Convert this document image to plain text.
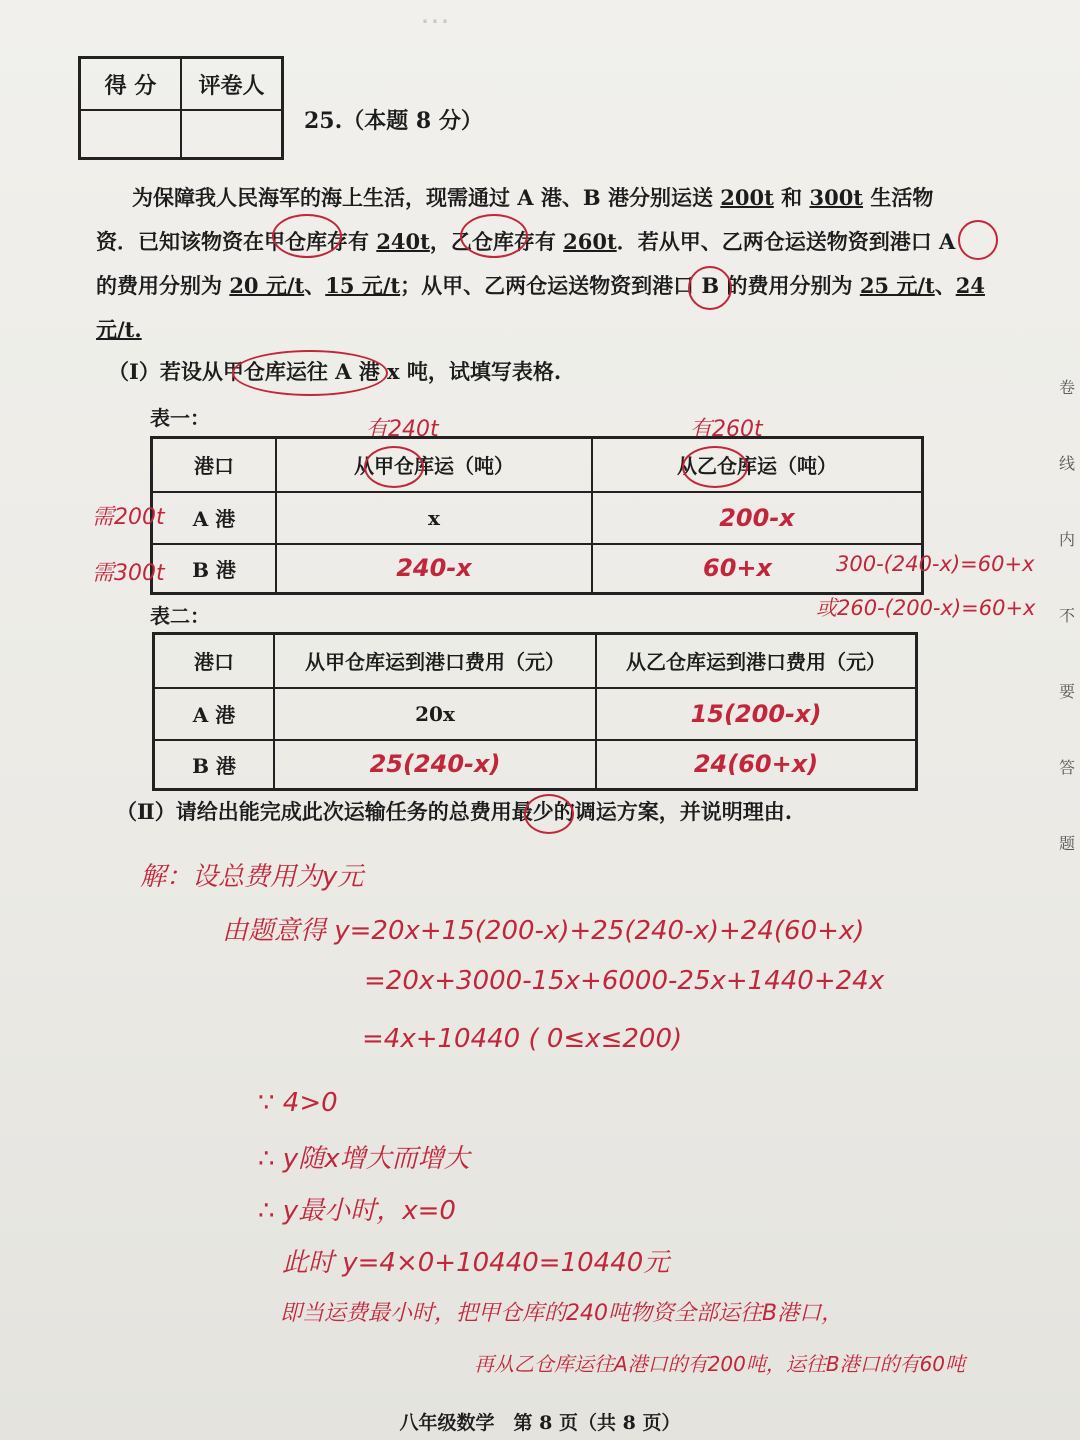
⋯
得 分	评卷人

25.（本题 8 分）
为保障我人民海军的海上生活，现需通过 A 港、B 港分别运送 200t 和 300t 生活物
资．已知该物资在甲仓库存有 240t，乙仓库存有 260t．若从甲、乙两仓运送物资到港口 A
的费用分别为 20 元/t、15 元/t；从甲、乙两仓运送物资到港口 B 的费用分别为 25 元/t、24
元/t.
（Ⅰ）若设从甲仓库运往 A 港 x 吨，试填写表格.
表一：	有240t	有260t
港口	从甲仓库运（吨）	从乙仓库运（吨）
A 港	x	200-x
B 港	240-x	60+x
需200t
需300t	300-(240-x)=60+x
或260-(200-x)=60+x
表二：
港口	从甲仓库运到港口费用（元）	从乙仓库运到港口费用（元）
A 港	20x	15(200-x)
B 港	25(240-x)	24(60+x)
（Ⅱ）请给出能完成此次运输任务的总费用最少的调运方案，并说明理由.
解：设总费用为y元
由题意得 y=20x+15(200-x)+25(240-x)+24(60+x)
=20x+3000-15x+6000-25x+1440+24x
=4x+10440 ( 0≤x≤200)
∵ 4>0
∴ y随x增大而增大
∴ y最小时，x=0
此时 y=4×0+10440=10440元
即当运费最小时，把甲仓库的240吨物资全部运往B港口，
再从乙仓库运往A港口的有200吨，运往B港口的有60吨
卷
线
内
不
要
答
题
八年级数学　第 8 页（共 8 页）
